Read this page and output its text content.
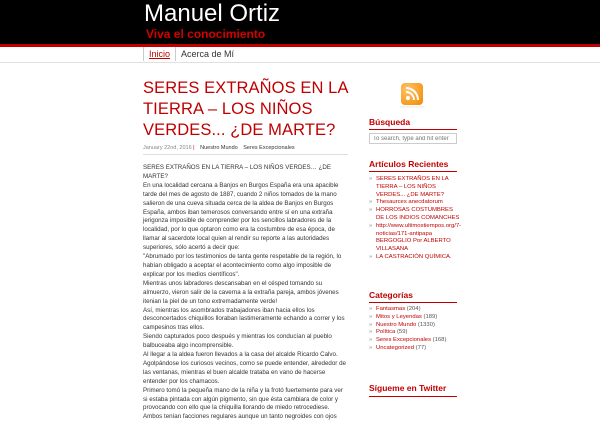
Manuel Ortiz
Viva el conocimiento
Inicio	Acerca de Mí
SERES EXTRAÑOS EN LA TIERRA – LOS NIÑOS VERDES... ¿DE MARTE?
January 22nd, 2016 | Nuestro Mundo Seres Excepcionales

SERES EXTRAÑOS EN LA TIERRA – LOS NIÑOS VERDES… ¿DE MARTE?

En una localidad cercana a Banjos en Burgos España era una apacible tarde del mes de agosto de 1887, cuando 2 niños tomados de la mano salieron de una cueva situada cerca de la aldea de Banjos en Burgos España, ambos iban temerosos conversando entre sí en una extraña jerigonza imposible de comprender por los sencillos labradores de la localidad, por lo que optaron como era la costumbre de esa época, de llamar al sacerdote local quien al rendir su reporte a las autoridades superiores, sólo acertó a decir que:

"Abrumado por los testimonios de tanta gente respetable de la región, lo habían obligado a aceptar el acontecimiento como algo imposible de explicar por los medios científicos".

Mientras unos labradores descansaban en el césped tomando su almuerzo, vieron salir de la caverna a la extraña pareja, ambos jóvenes itenian la piel de un tono extremadamente verde!

Así, mientras los asombrados trabajadores iban hacia ellos los desconcertados chiquillos lloraban lastimeramente echando a correr y los campesinos tras ellos.

Siendo capturados poco después y mientras los conducían al pueblo balbuceaba algo incomprensible.

Al llegar a la aldea fueron llevados a la casa del alcalde Ricardo Calvo. Agolpándose los curiosos vecinos, como se puede entender, alrededor de las ventanas, mientras el buen alcalde trataba en vano de hacerse entender por los chamacos.

Primero tomó la pequeña mano de la niña y la frotó fuertemente para ver si estaba pintada con algún pigmento, sin que ésta cambiara de color y provocando con ello que la chiquilla llorando de miedo retrocediese.

Ambos tenían facciones regulares aunque un tanto negroides con ojos

Búsqueda
To search, type and hit enter
Artículos Recientes
» SERES EXTRAÑOS EN LA TIERRA – LOS NIÑOS VERDES... ¿DE MARTE?
» Thesaurces anecdatorum
» HORROSAS COSTUMBRES DE LOS INDIOS COMANCHES
» http://www.ultimostiempos.org/7-noticias/171-antipapa BERGOGLIO Por ALBERTO VILLASANA
» LA CASTRACIÓN QUÍMICA.
Categorías
» Fantasmas (204)
» Mitos y Leyendas (189)
» Nuestro Mundo (1330)
» Política (59)
» Seres Excepcionales (168)
» Uncategorized (77)
Sígueme en Twitter
